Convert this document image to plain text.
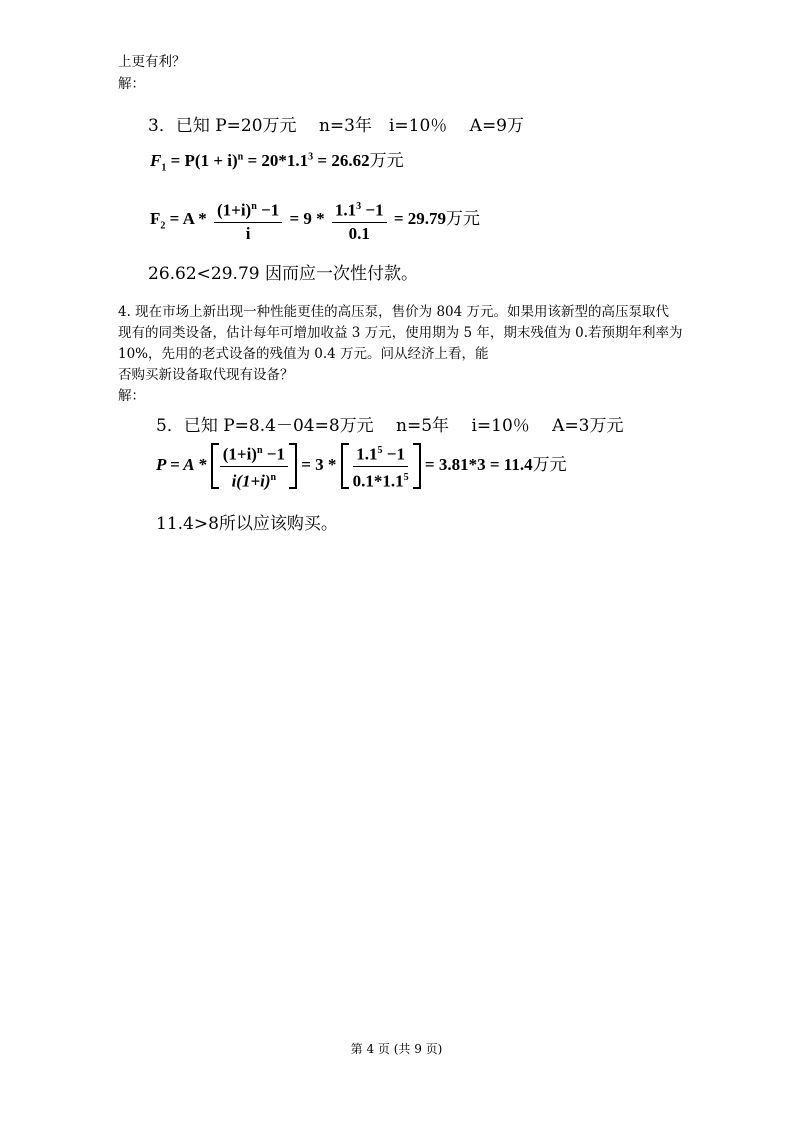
上更有利？
解：
3．已知 P=20万元　 n=3年　i=10％　 A=9万
$F_1 = P(1 + i)^n = 20*1.1^3 = 26.62$万元
$F_2 = A * \frac{(1+i)^n -1}{i} = 9 * \frac{1.1^3 -1}{0.1} = 29.79$万元
26.62<29.79 因而应一次性付款。
4. 现在市场上新出现一种性能更佳的高压泵，售价为 804 万元。如果用该新型的高压泵取代
现有的同类设备，估计每年可增加收益 3 万元，使用期为 5 年，期末残值为 0.若预期年利率为
10%，先用的老式设备的残值为 0.4 万元。问从经济上看，能
否购买新设备取代现有设备？
解：
5．已知 P=8.4－04=8万元　 n=5年　 i=10％　 A=3万元
$P = A * \frac{(1+i)^n -1}{i(1+i)^n} = 3 * \frac{1.1^5 -1}{0.1*1.1^5} = 3.81*3 = 11.4$万元
11.4>8所以应该购买。
第 4 页 (共 9 页)
